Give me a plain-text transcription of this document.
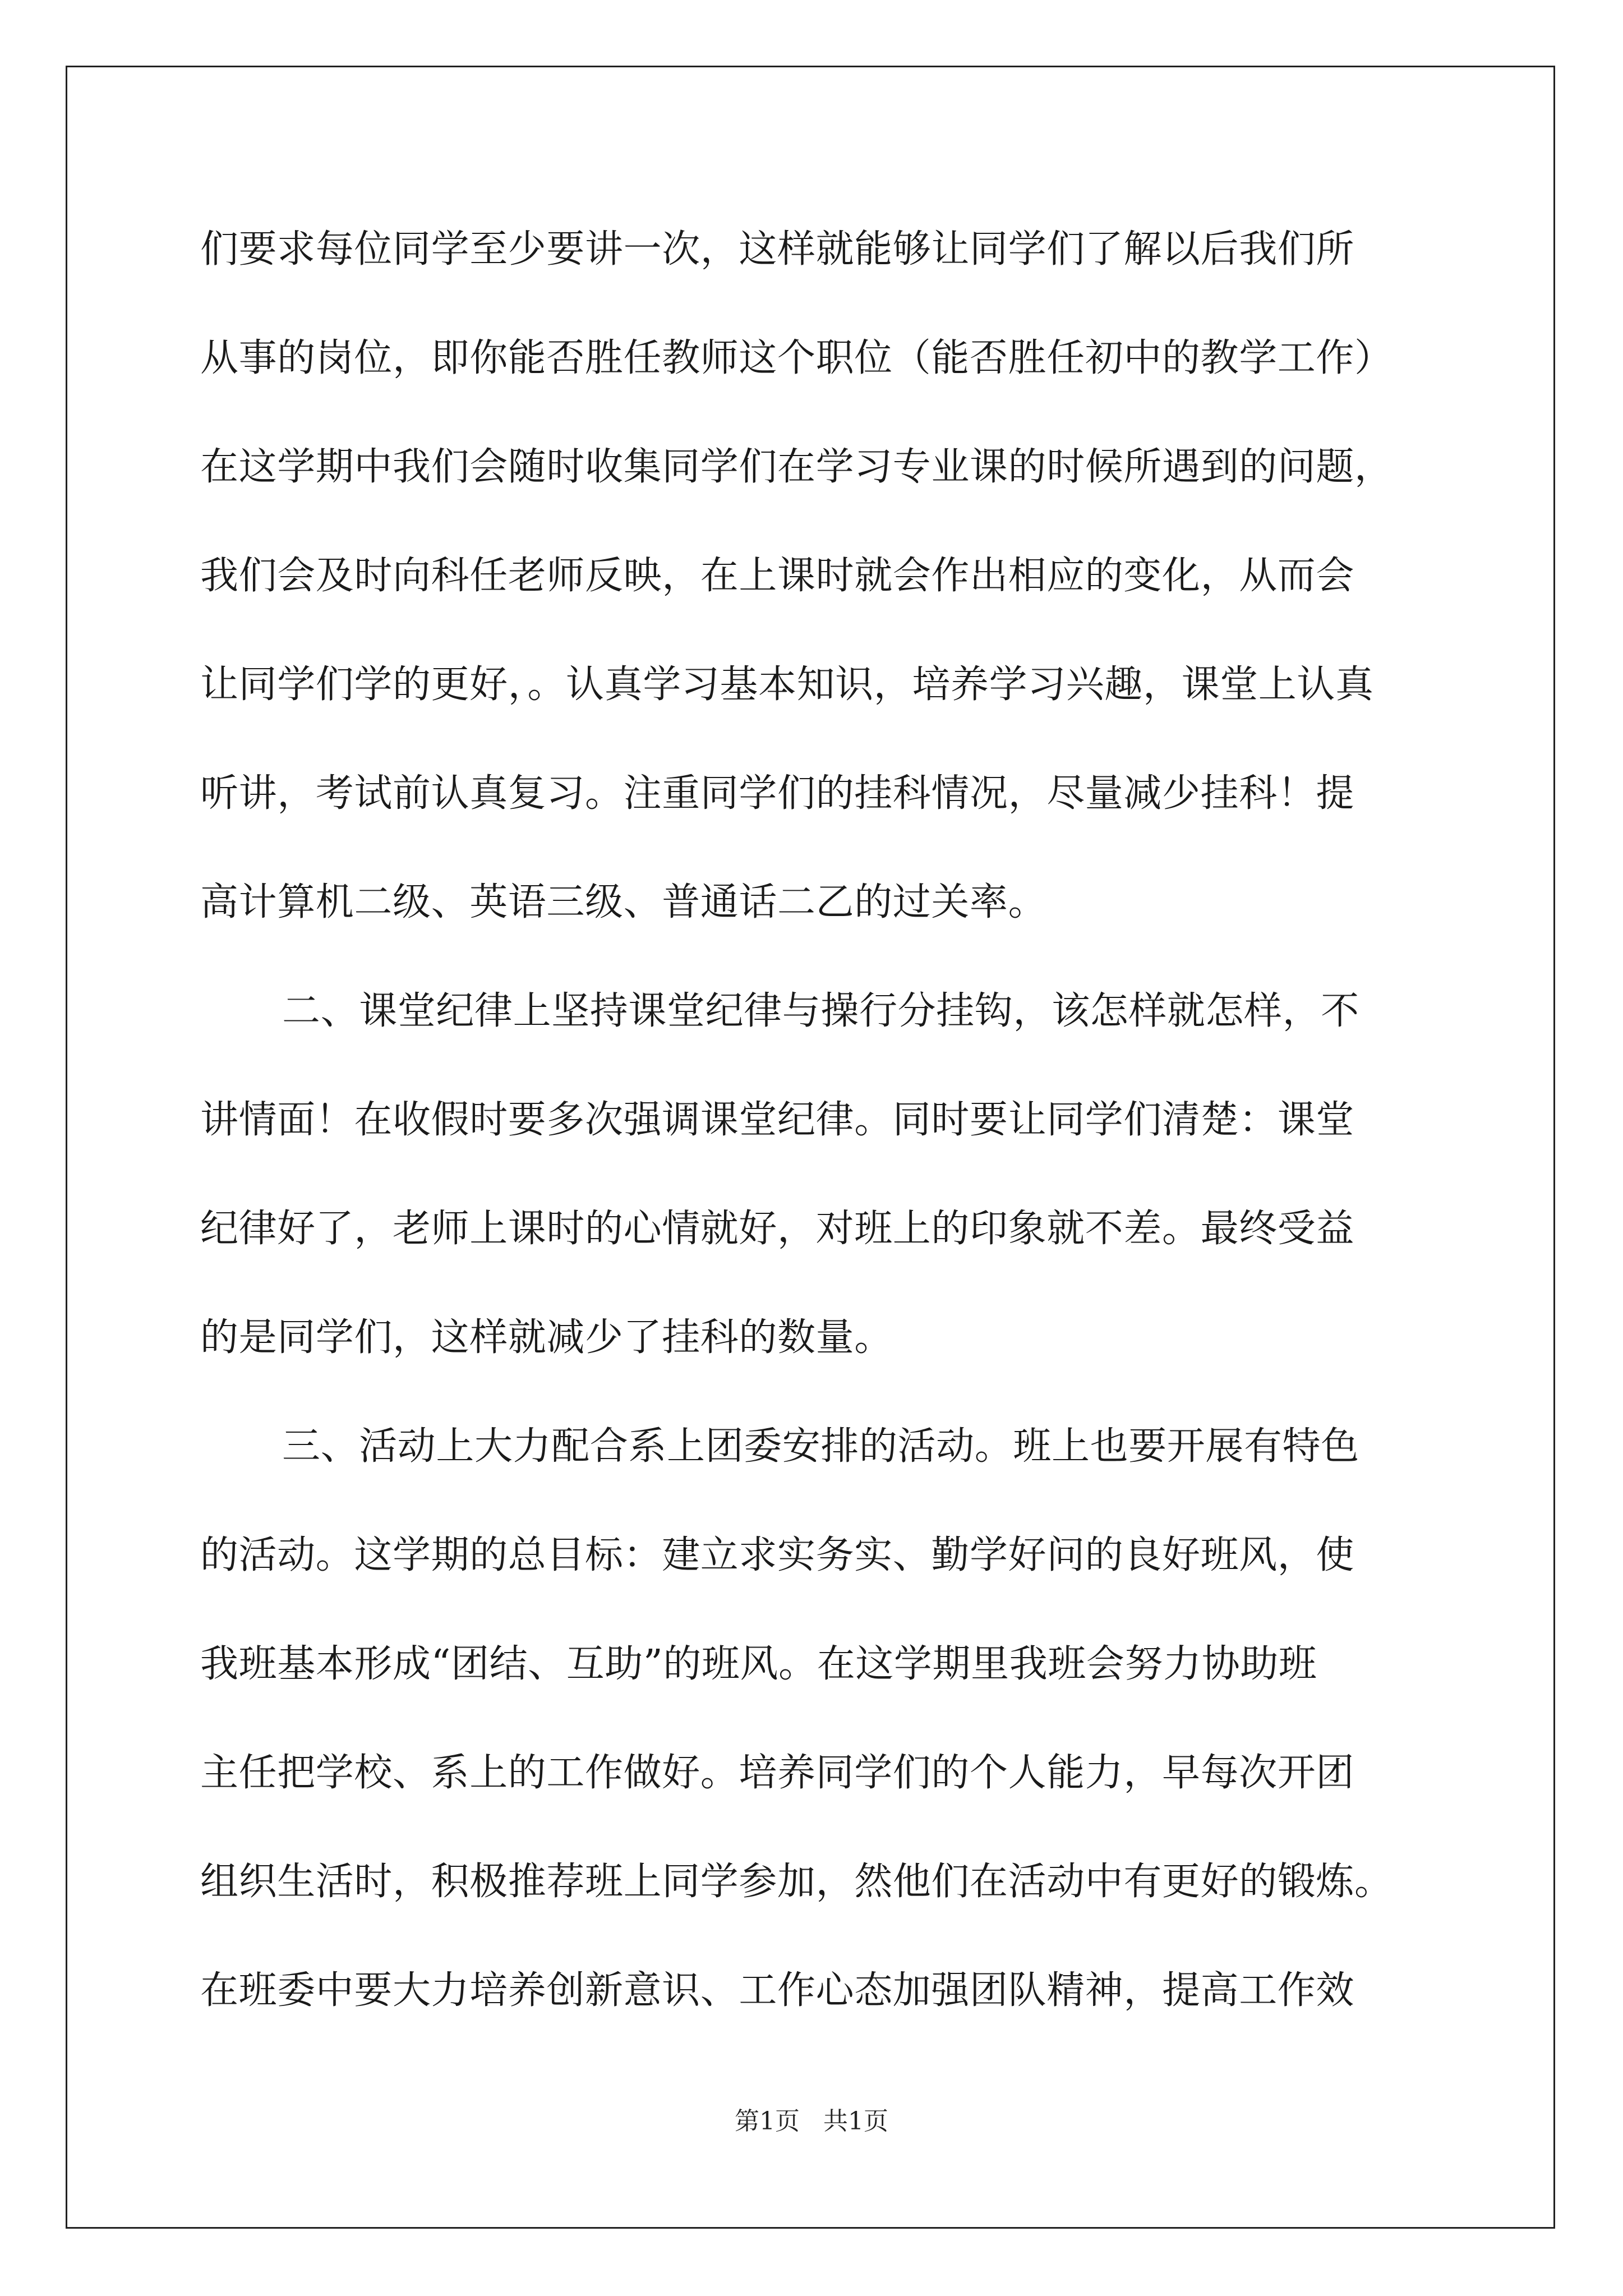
们要求每位同学至少要讲一次，这样就能够让同学们了解以后我们所
从事的岗位，即你能否胜任教师这个职位（能否胜任初中的教学工作）
在这学期中我们会随时收集同学们在学习专业课的时候所遇到的问题，
我们会及时向科任老师反映，在上课时就会作出相应的变化，从而会
让同学们学的更好，。认真学习基本知识，培养学习兴趣，课堂上认真
听讲，考试前认真复习。注重同学们的挂科情况，尽量减少挂科！提
高计算机二级、英语三级、普通话二乙的过关率。
二、课堂纪律上坚持课堂纪律与操行分挂钩，该怎样就怎样，不
讲情面！在收假时要多次强调课堂纪律。同时要让同学们清楚：课堂
纪律好了，老师上课时的心情就好，对班上的印象就不差。最终受益
的是同学们，这样就减少了挂科的数量。
三、活动上大力配合系上团委安排的活动。班上也要开展有特色
的活动。这学期的总目标：建立求实务实、勤学好问的良好班风，使
我班基本形成“团结、互助”的班风。在这学期里我班会努力协助班
主任把学校、系上的工作做好。培养同学们的个人能力，早每次开团
组织生活时，积极推荐班上同学参加，然他们在活动中有更好的锻炼。
在班委中要大力培养创新意识、工作心态加强团队精神，提高工作效
第1页 共1页
